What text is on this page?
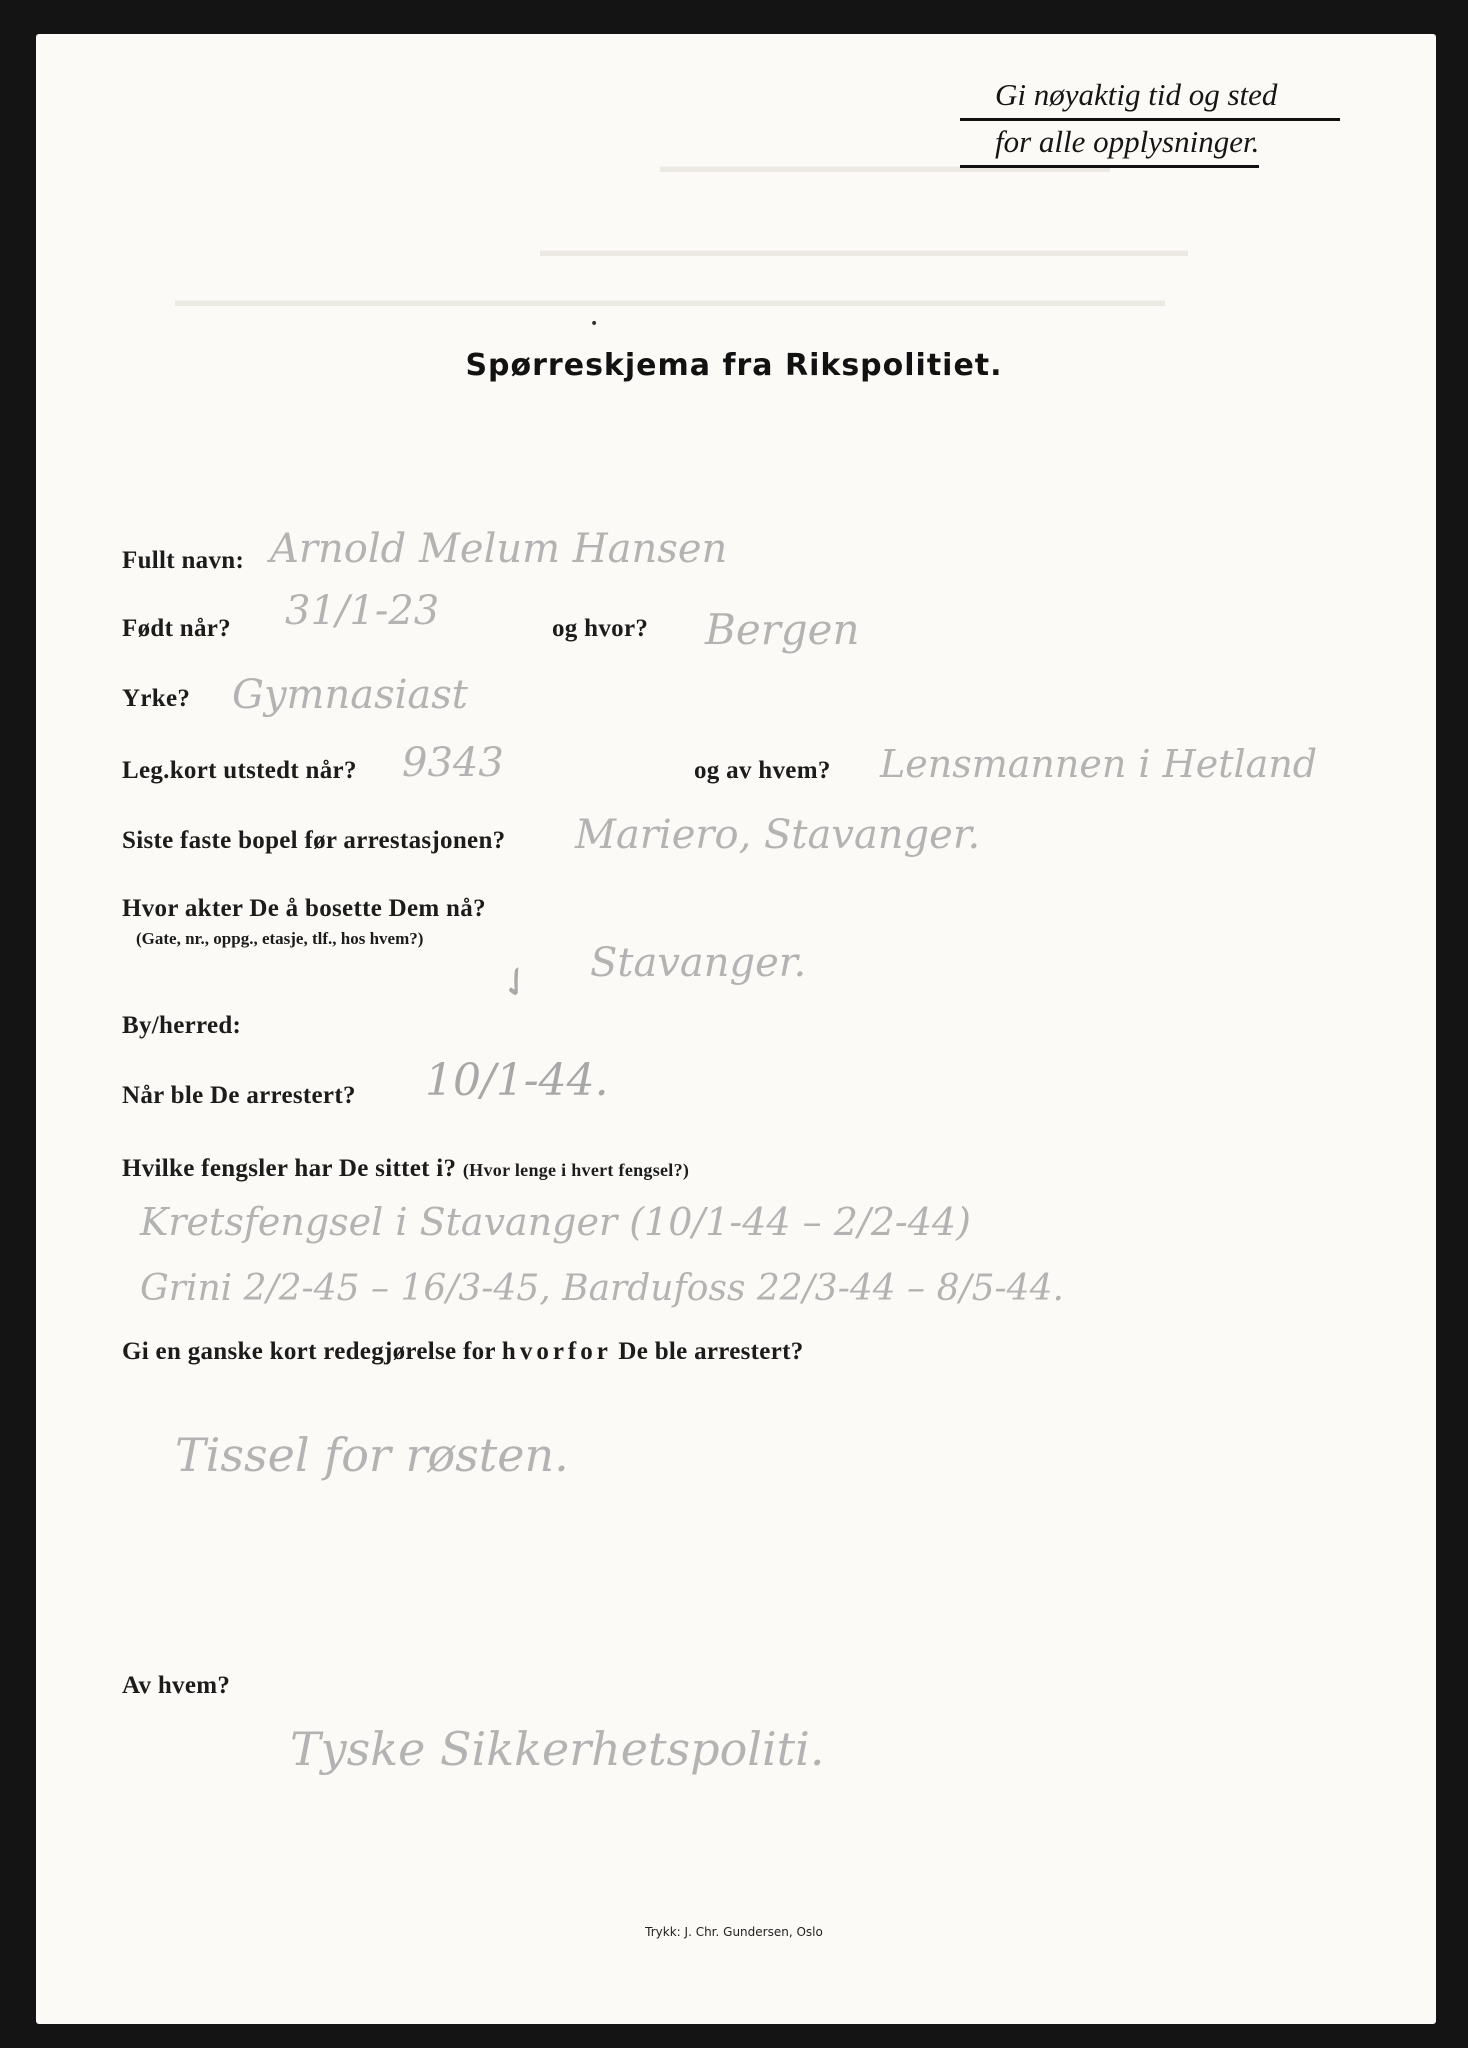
▬▬▬▬▬▬▬▬▬▬▬▬▬▬▬▬▬▬▬▬▬▬▬▬▬
▬▬▬▬▬▬▬▬▬▬▬▬▬▬▬▬▬▬▬▬▬▬▬▬▬▬▬▬▬▬▬▬▬▬▬▬
▬▬▬▬▬▬▬▬▬▬▬▬▬▬▬▬▬▬▬▬▬▬▬▬▬▬▬▬▬▬▬▬▬▬▬▬▬▬▬▬▬▬▬▬▬▬▬▬▬▬▬▬▬▬▬
Gi nøyaktig tid og sted
for alle opplysninger.
•
Spørreskjema fra Rikspolitiet.
Fullt navn: Arnold Melum Hansen
Født når? 31/1-23	og hvor? Bergen
Yrke? Gymnasiast
Leg.kort utstedt når? 9343	og av hvem? Lensmannen i Hetland
Siste faste bopel før arrestasjonen? Mariero, Stavanger.
Hvor akter De å bosette Dem nå?
(Gate, nr., oppg., etasje, tlf., hos hvem?)
✓ Stavanger.
By/herred:
Når ble De arrestert? 10/1-44.
Hvilke fengsler har De sittet i? (Hvor lenge i hvert fengsel?)
Kretsfengsel i Stavanger (10/1-44 – 2/2-44)
Grini 2/2-45 – 16/3-45, Bardufoss 22/3-44 – 8/5-44.
Gi en ganske kort redegjørelse for hvorfor De ble arrestert?
Tissel for røsten.
Av hvem?
Tyske Sikkerhetspoliti.
Trykk: J. Chr. Gundersen, Oslo
